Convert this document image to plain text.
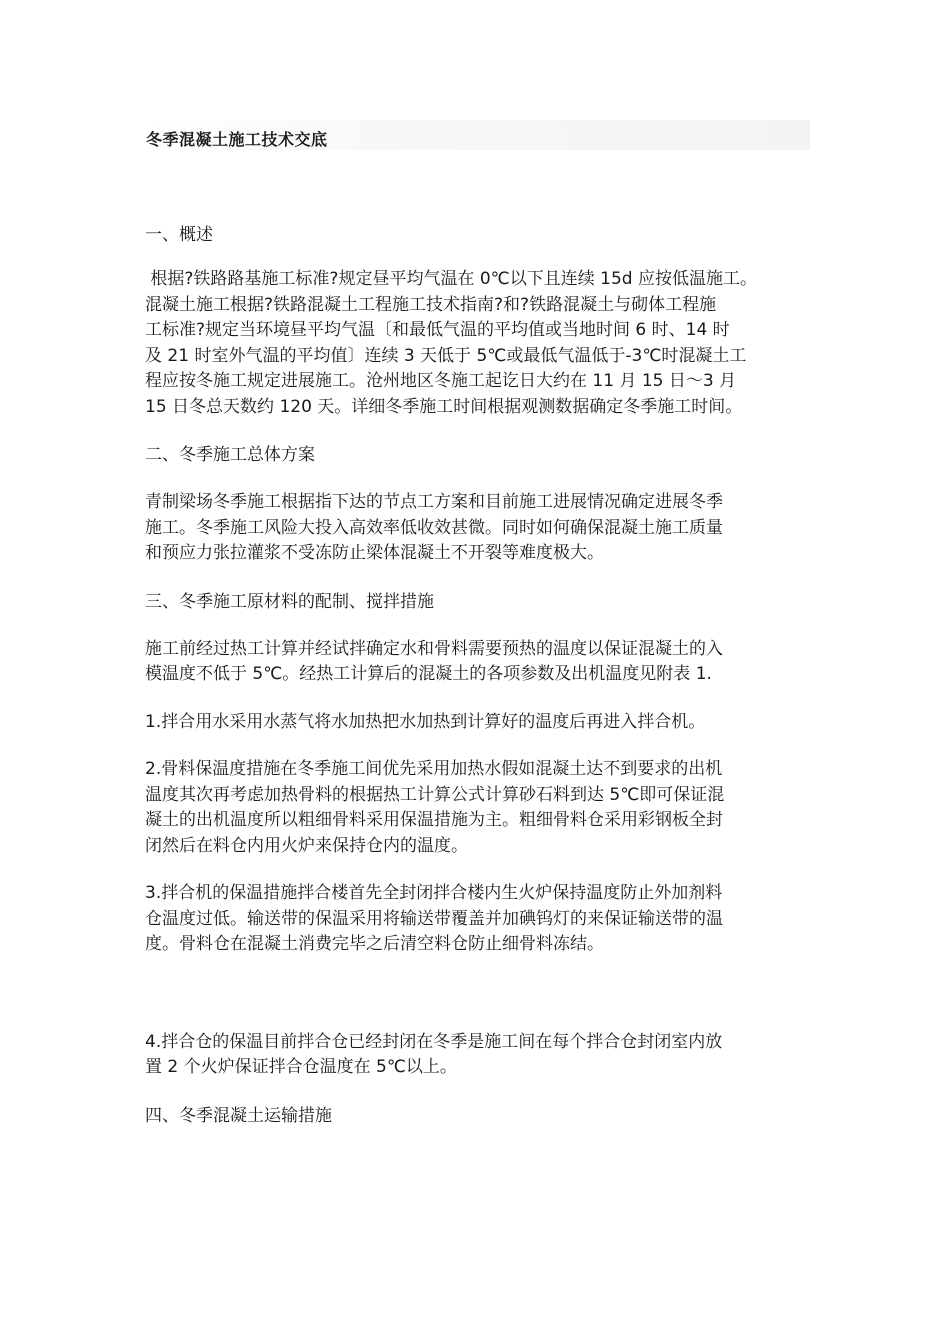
冬季混凝土施工技术交底

一、概述

根据?铁路路基施工标准?规定昼平均气温在 0℃以下且连续 15d 应按低温施工。
混凝土施工根据?铁路混凝土工程施工技术指南?和?铁路混凝土与砌体工程施
工标准?规定当环境昼平均气温〔和最低气温的平均值或当地时间 6 时、14 时
及 21 时室外气温的平均值〕连续 3 天低于 5℃或最低气温低于-3℃时混凝土工
程应按冬施工规定进展施工。沧州地区冬施工起讫日大约在 11 月 15 日～3 月
15 日冬总天数约 120 天。详细冬季施工时间根据观测数据确定冬季施工时间。

二、冬季施工总体方案

青制梁场冬季施工根据指下达的节点工方案和目前施工进展情况确定进展冬季
施工。冬季施工风险大投入高效率低收效甚微。同时如何确保混凝土施工质量
和预应力张拉灌浆不受冻防止梁体混凝土不开裂等难度极大。

三、冬季施工原材料的配制、搅拌措施

施工前经过热工计算并经试拌确定水和骨料需要预热的温度以保证混凝土的入
模温度不低于 5℃。经热工计算后的混凝土的各项参数及出机温度见附表 1.

1.拌合用水采用水蒸气将水加热把水加热到计算好的温度后再进入拌合机。

2.骨料保温度措施在冬季施工间优先采用加热水假如混凝土达不到要求的出机
温度其次再考虑加热骨料的根据热工计算公式计算砂石料到达 5℃即可保证混
凝土的出机温度所以粗细骨料采用保温措施为主。粗细骨料仓采用彩钢板全封
闭然后在料仓内用火炉来保持仓内的温度。

3.拌合机的保温措施拌合楼首先全封闭拌合楼内生火炉保持温度防止外加剂料
仓温度过低。输送带的保温采用将输送带覆盖并加碘钨灯的来保证输送带的温
度。骨料仓在混凝土消费完毕之后清空料仓防止细骨料冻结。

4.拌合仓的保温目前拌合仓已经封闭在冬季是施工间在每个拌合仓封闭室内放
置 2 个火炉保证拌合仓温度在 5℃以上。

四、冬季混凝土运输措施
